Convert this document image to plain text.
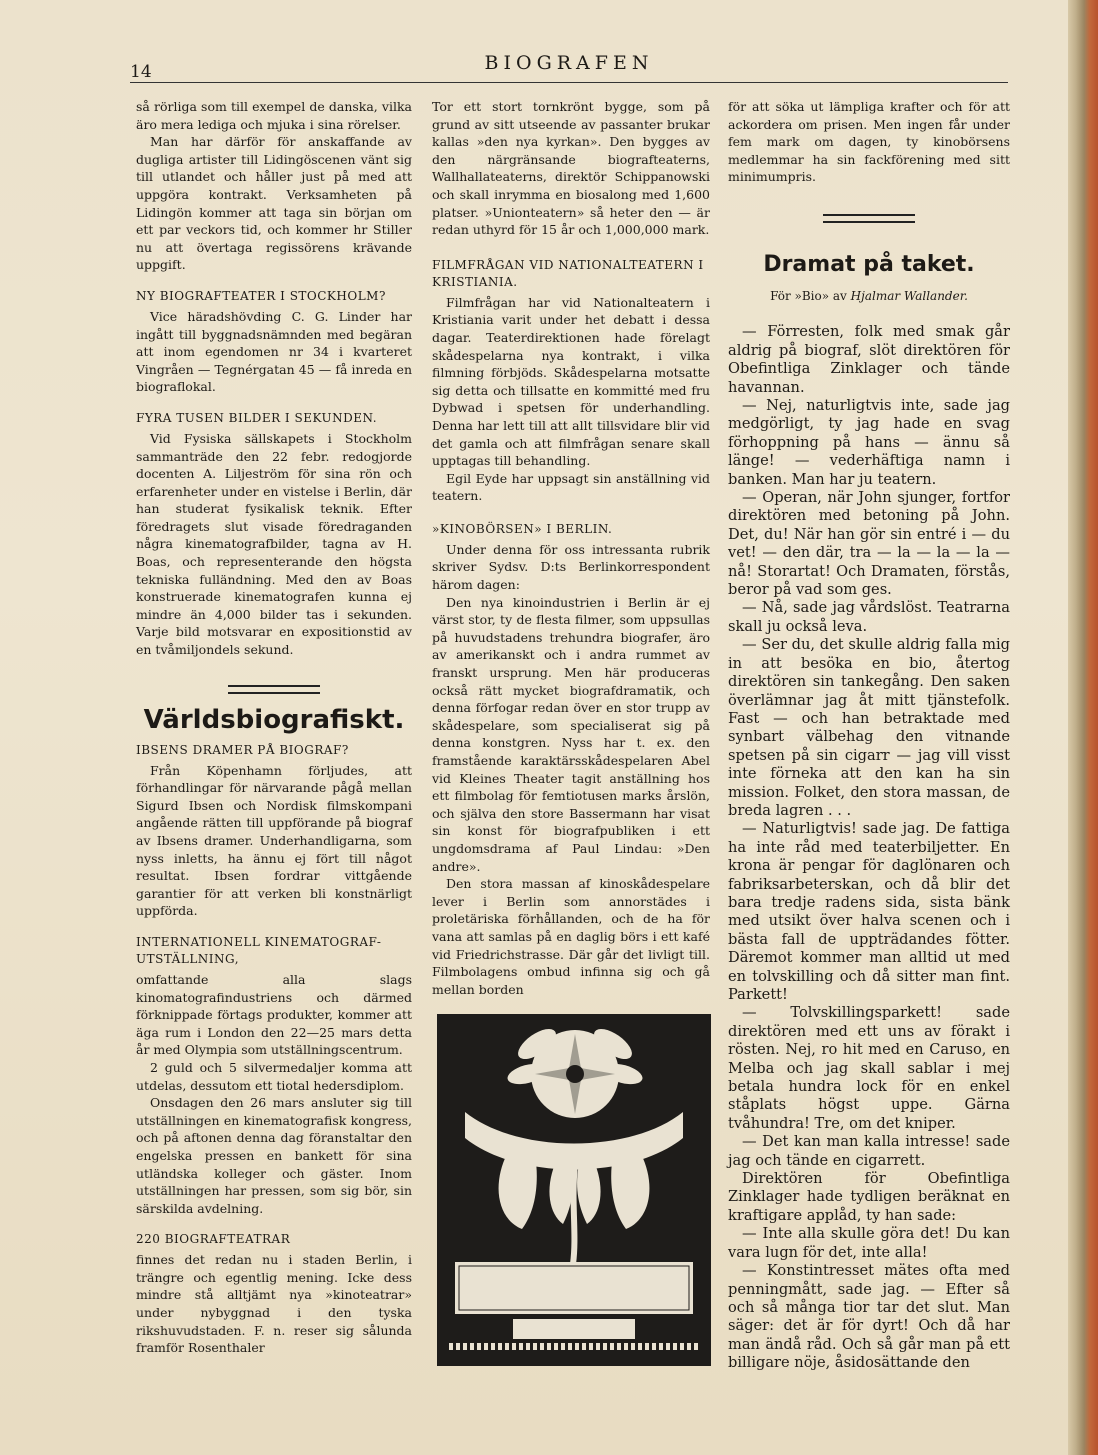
14	BIOGRAFEN

så rörliga som till exempel de danska, vilka äro mera lediga och mjuka i sina rörelser.

Man har därför för anskaffande av dugliga artister till Lidingöscenen vänt sig till utlandet och håller just på med att uppgöra kontrakt. Verksamheten på Lidingön kommer att taga sin början om ett par veckors tid, och kommer hr Stiller nu att övertaga regissörens krävande uppgift.

NY BIOGRAFTEATER I STOCKHOLM?

Vice häradshövding C. G. Linder har ingått till byggnadsnämnden med begäran att inom egendomen nr 34 i kvarteret Vingråen — Tegnérgatan 45 — få inreda en biograflokal.

FYRA TUSEN BILDER I SEKUNDEN.

Vid Fysiska sällskapets i Stockholm sammanträde den 22 febr. redogjorde docenten A. Liljeström för sina rön och erfarenheter under en vistelse i Berlin, där han studerat fysikalisk teknik. Efter föredragets slut visade föredraganden några kinematografbilder, tagna av H. Boas, och representerande den högsta tekniska fulländning. Med den av Boas konstruerade kinematografen kunna ej mindre än 4,000 bilder tas i sekunden. Varje bild motsvarar en expositionstid av en tvåmiljondels sekund.

Världsbiografiskt.
IBSENS DRAMER PÅ BIOGRAF?

Från Köpenhamn förljudes, att förhandlingar för närvarande pågå mellan Sigurd Ibsen och Nordisk filmskompani angående rätten till uppförande på biograf av Ibsens dramer. Underhandligarna, som nyss inletts, ha ännu ej fört till något resultat. Ibsen fordrar vittgående garantier för att verken bli konstnärligt uppförda.

INTERNATIONELL KINEMATOGRAF-UTSTÄLLNING,

omfattande alla slags kinomatografindustriens och därmed förknippade förtags produkter, kommer att äga rum i London den 22—25 mars detta år med Olympia som utställningscentrum.

2 guld och 5 silvermedaljer komma att utdelas, dessutom ett tiotal hedersdiplom.

Onsdagen den 26 mars ansluter sig till utställningen en kinematografisk kongress, och på aftonen denna dag föranstaltar den engelska pressen en bankett för sina utländska kolleger och gäster. Inom utställningen har pressen, som sig bör, sin särskilda avdelning.

220 BIOGRAFTEATRAR

finnes det redan nu i staden Berlin, i trängre och egentlig mening. Icke dess mindre stå alltjämt nya »kinoteatrar» under nybyggnad i den tyska rikshuvudstaden. F. n. reser sig sålunda framför Rosenthaler

Tor ett stort tornkrönt bygge, som på grund av sitt utseende av passanter brukar kallas »den nya kyrkan». Den bygges av den närgränsande biografteaterns, Wallhallateaterns, direktör Schippanowski och skall inrymma en biosalong med 1,600 platser. »Unionteatern» så heter den — är redan uthyrd för 15 år och 1,000,000 mark.

FILMFRÅGAN VID NATIONALTEATERN I KRISTIANIA.

Filmfrågan har vid Nationalteatern i Kristiania varit under het debatt i dessa dagar. Teaterdirektionen hade förelagt skådespelarna nya kontrakt, i vilka filmning förbjöds. Skådespelarna motsatte sig detta och tillsatte en kommitté med fru Dybwad i spetsen för underhandling. Denna har lett till att allt tillsvidare blir vid det gamla och att filmfrågan senare skall upptagas till behandling.

Egil Eyde har uppsagt sin anställning vid teatern.

»KINOBÖRSEN» I BERLIN.

Under denna för oss intressanta rubrik skriver Sydsv. D:ts Berlinkorrespondent härom dagen:

Den nya kinoindustrien i Berlin är ej värst stor, ty de flesta filmer, som uppsullas på huvudstadens trehundra biografer, äro av amerikanskt och i andra rummet av franskt ursprung. Men här produceras också rätt mycket biografdramatik, och denna förfogar redan över en stor trupp av skådespelare, som specialiserat sig på denna konstgren. Nyss har t. ex. den framstående karaktärsskådespelaren Abel vid Kleines Theater tagit anställning hos ett filmbolag för femtiotusen marks årslön, och själva den store Bassermann har visat sin konst för biografpubliken i ett ungdomsdrama af Paul Lindau: »Den andre».

Den stora massan af kinoskådespelare lever i Berlin som annorstädes i proletäriska förhållanden, och de ha för vana att samlas på en daglig börs i ett kafé vid Friedrichstrasse. Där går det livligt till. Filmbolagens ombud infinna sig och gå mellan borden

för att söka ut lämpliga krafter och för att ackordera om prisen. Men ingen får under fem mark om dagen, ty kinobörsens medlemmar ha sin fackförening med sitt minimumpris.

Dramat på taket.
För »Bio» av Hjalmar Wallander.

— Förresten, folk med smak går aldrig på biograf, slöt direktören för Obefintliga Zinklager och tände havannan.

— Nej, naturligtvis inte, sade jag medgörligt, ty jag hade en svag förhoppning på hans — ännu så länge! — vederhäftiga namn i banken. Man har ju teatern.

— Operan, när John sjunger, fortfor direktören med betoning på John. Det, du! När han gör sin entré i — du vet! — den där, tra — la — la — la — nå! Storartat! Och Dramaten, förstås, beror på vad som ges.

— Nå, sade jag vårdslöst. Teatrarna skall ju också leva.

— Ser du, det skulle aldrig falla mig in att besöka en bio, återtog direktören sin tankegång. Den saken överlämnar jag åt mitt tjänstefolk. Fast — och han betraktade med synbart välbehag den vitnande spetsen på sin cigarr — jag vill visst inte förneka att den kan ha sin mission. Folket, den stora massan, de breda lagren . . .

— Naturligtvis! sade jag. De fattiga ha inte råd med teaterbiljetter. En krona är pengar för daglönaren och fabriksarbeterskan, och då blir det bara tredje radens sida, sista bänk med utsikt över halva scenen och i bästa fall de uppträdandes fötter. Däremot kommer man alltid ut med en tolvskilling och då sitter man fint. Parkett!

— Tolvskillingsparkett! sade direktören med ett uns av förakt i rösten. Nej, ro hit med en Caruso, en Melba och jag skall sablar i mej betala hundra lock för en enkel ståplats högst uppe. Gärna tvåhundra! Tre, om det kniper.

— Det kan man kalla intresse! sade jag och tände en cigarrett.

Direktören för Obefintliga Zinklager hade tydligen beräknat en kraftigare applåd, ty han sade:

— Inte alla skulle göra det! Du kan vara lugn för det, inte alla!

— Konstintresset mätes ofta med penningmått, sade jag. — Efter så och så många tior tar det slut. Man säger: det är för dyrt! Och då har man ändå råd. Och så går man på ett billigare nöje, åsidosättande den
